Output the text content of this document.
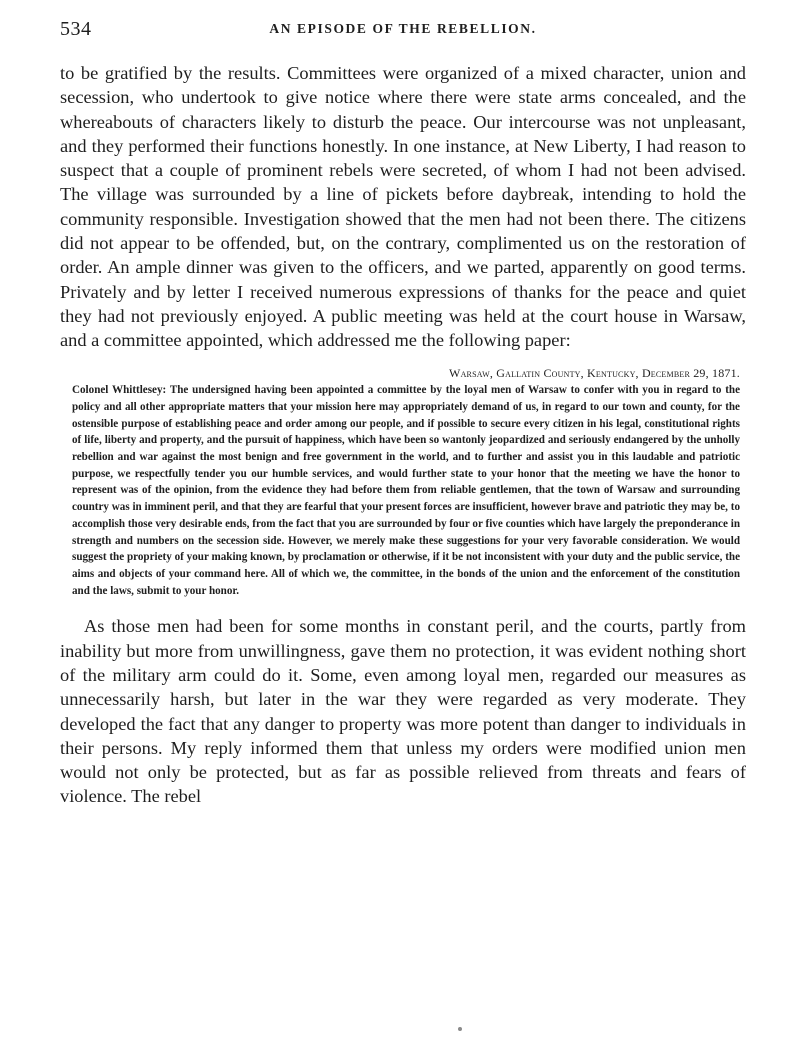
534	AN EPISODE OF THE REBELLION.

to be gratified by the results. Committees were organized of a mixed character, union and secession, who undertook to give notice where there were state arms concealed, and the whereabouts of characters likely to disturb the peace. Our intercourse was not unpleasant, and they performed their functions honestly. In one instance, at New Liberty, I had reason to suspect that a couple of prominent rebels were secreted, of whom I had not been advised. The village was surrounded by a line of pickets before daybreak, intending to hold the community responsible. Investigation showed that the men had not been there. The citizens did not appear to be offended, but, on the contrary, complimented us on the restoration of order. An ample dinner was given to the officers, and we parted, apparently on good terms. Privately and by letter I received numerous expressions of thanks for the peace and quiet they had not previously enjoyed. A public meeting was held at the court house in Warsaw, and a committee appointed, which addressed me the following paper:

Warsaw, Gallatin County, Kentucky, December 29, 1871.

Colonel Whittlesey: The undersigned having been appointed a committee by the loyal men of Warsaw to confer with you in regard to the policy and all other appropriate matters that your mission here may appropriately demand of us, in regard to our town and county, for the ostensible purpose of establishing peace and order among our people, and if possible to secure every citizen in his legal, constitutional rights of life, liberty and property, and the pursuit of happiness, which have been so wantonly jeopardized and seriously endangered by the unholly rebellion and war against the most benign and free government in the world, and to further and assist you in this laudable and patriotic purpose, we respectfully tender you our humble services, and would further state to your honor that the meeting we have the honor to represent was of the opinion, from the evidence they had before them from reliable gentlemen, that the town of Warsaw and surrounding country was in imminent peril, and that they are fearful that your present forces are insufficient, however brave and patriotic they may be, to accomplish those very desirable ends, from the fact that you are surrounded by four or five counties which have largely the preponderance in strength and numbers on the secession side. However, we merely make these suggestions for your very favorable consideration. We would suggest the propriety of your making known, by proclamation or otherwise, if it be not inconsistent with your duty and the public service, the aims and objects of your command here. All of which we, the committee, in the bonds of the union and the enforcement of the constitution and the laws, submit to your honor.

As those men had been for some months in constant peril, and the courts, partly from inability but more from unwillingness, gave them no protection, it was evident nothing short of the military arm could do it. Some, even among loyal men, regarded our measures as unnecessarily harsh, but later in the war they were regarded as very moderate. They developed the fact that any danger to property was more potent than danger to individuals in their persons. My reply informed them that unless my orders were modified union men would not only be protected, but as far as possible relieved from threats and fears of violence. The rebel
